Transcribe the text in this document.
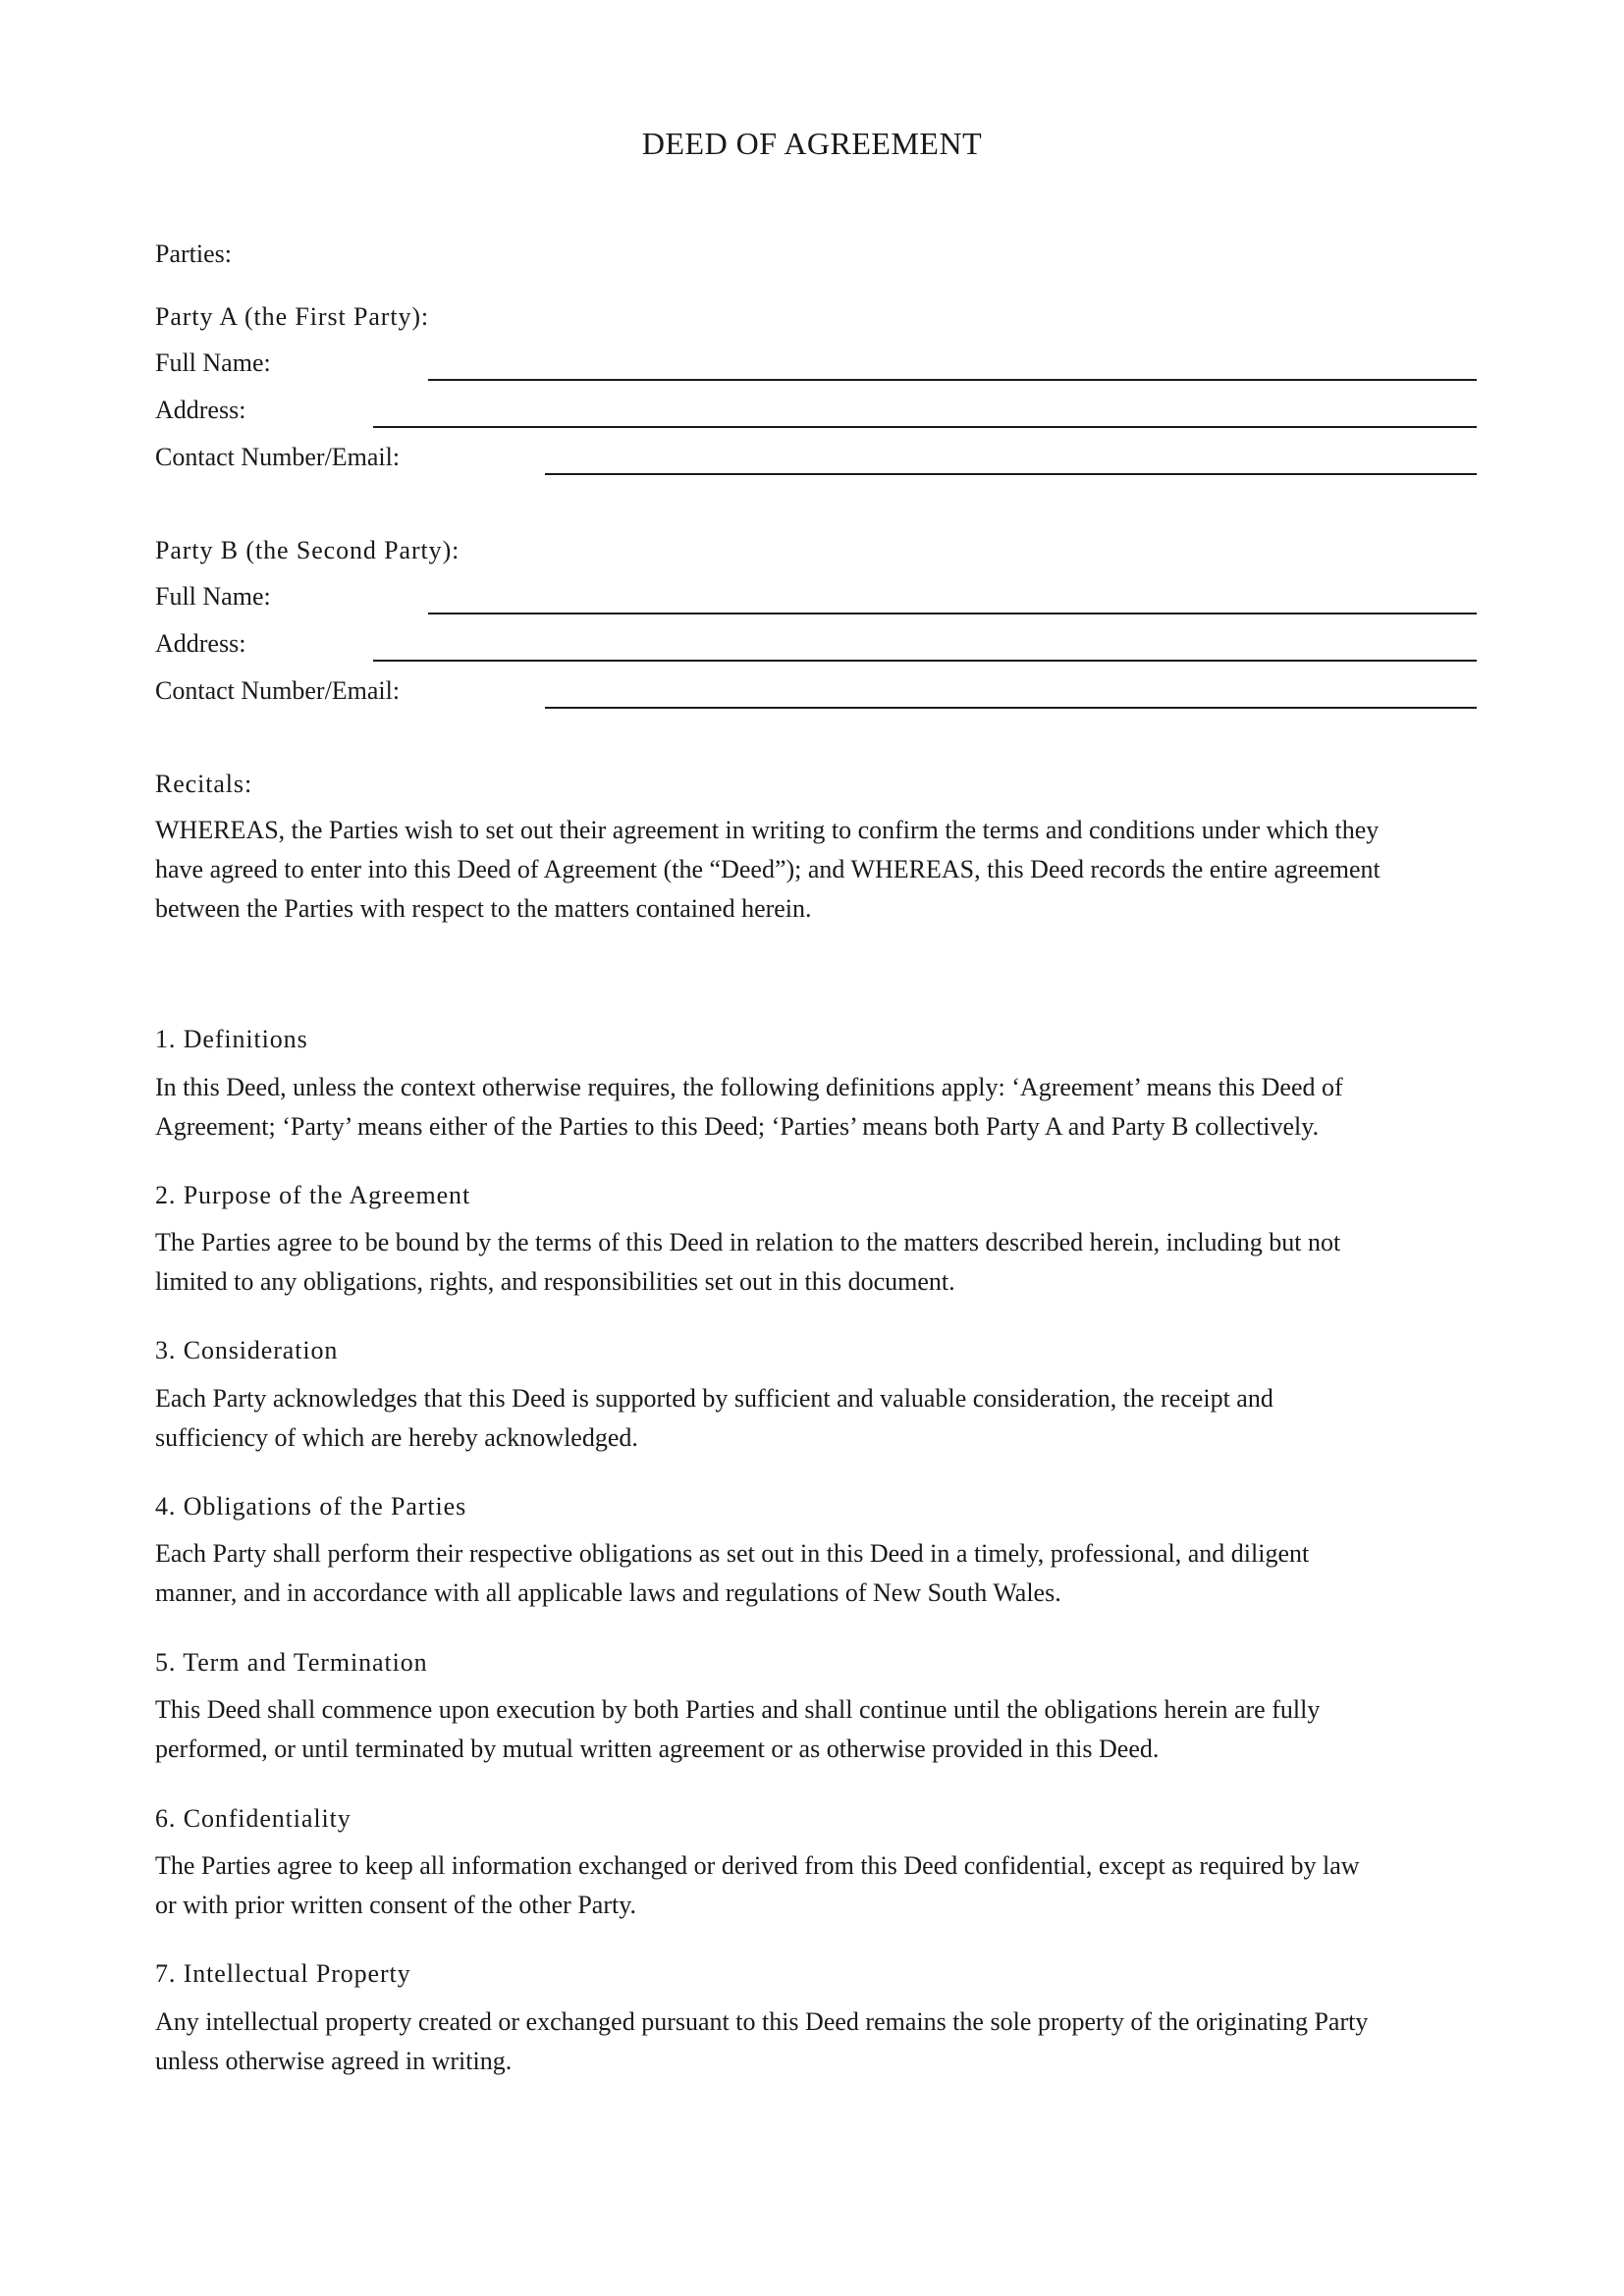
DEED OF AGREEMENT
Parties:
Party A (the First Party):
Full Name:
Address:
Contact Number/Email:
Party B (the Second Party):
Full Name:
Address:
Contact Number/Email:
Recitals:
WHEREAS, the Parties wish to set out their agreement in writing to confirm the terms and conditions under which they
have agreed to enter into this Deed of Agreement (the “Deed”); and WHEREAS, this Deed records the entire agreement
between the Parties with respect to the matters contained herein.
1. Definitions
In this Deed, unless the context otherwise requires, the following definitions apply: ‘Agreement’ means this Deed of
Agreement; ‘Party’ means either of the Parties to this Deed; ‘Parties’ means both Party A and Party B collectively.
2. Purpose of the Agreement
The Parties agree to be bound by the terms of this Deed in relation to the matters described herein, including but not
limited to any obligations, rights, and responsibilities set out in this document.
3. Consideration
Each Party acknowledges that this Deed is supported by sufficient and valuable consideration, the receipt and
sufficiency of which are hereby acknowledged.
4. Obligations of the Parties
Each Party shall perform their respective obligations as set out in this Deed in a timely, professional, and diligent
manner, and in accordance with all applicable laws and regulations of New South Wales.
5. Term and Termination
This Deed shall commence upon execution by both Parties and shall continue until the obligations herein are fully
performed, or until terminated by mutual written agreement or as otherwise provided in this Deed.
6. Confidentiality
The Parties agree to keep all information exchanged or derived from this Deed confidential, except as required by law
or with prior written consent of the other Party.
7. Intellectual Property
Any intellectual property created or exchanged pursuant to this Deed remains the sole property of the originating Party
unless otherwise agreed in writing.
